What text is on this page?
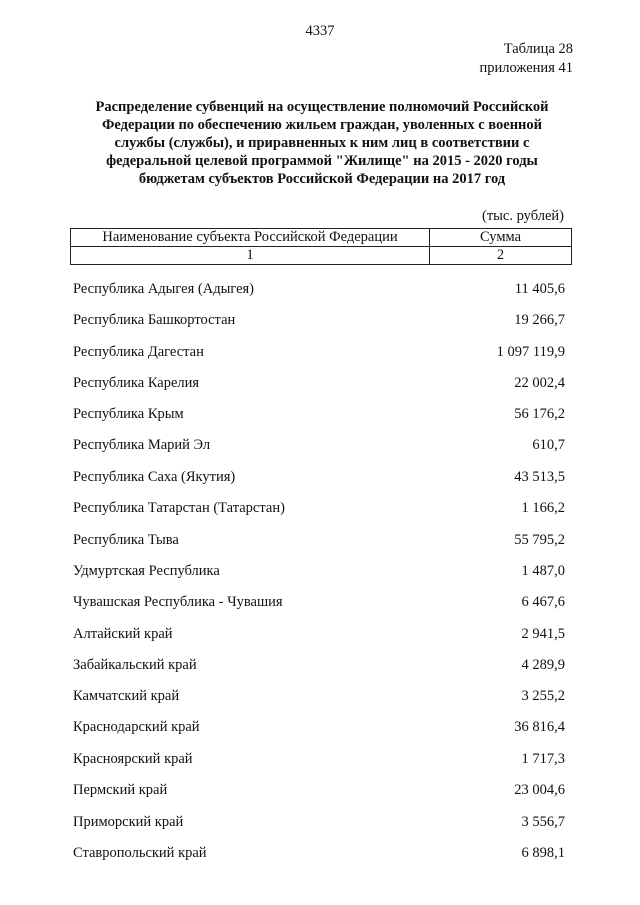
4337
Таблица 28
приложения 41
Распределение субвенций на осуществление полномочий Российской
Федерации по обеспечению жильем граждан, уволенных с военной
службы (службы), и приравненных к ним лиц в соответствии с
федеральной целевой программой "Жилище" на 2015 - 2020 годы
бюджетам субъектов Российской Федерации на 2017 год
(тыс. рублей)
Наименование субъекта Российской Федерации	Сумма
1	2
Республика Адыгея (Адыгея)	11 405,6
Республика Башкортостан	19 266,7
Республика Дагестан	1 097 119,9
Республика Карелия	22 002,4
Республика Крым	56 176,2
Республика Марий Эл	610,7
Республика Саха (Якутия)	43 513,5
Республика Татарстан (Татарстан)	1 166,2
Республика Тыва	55 795,2
Удмуртская Республика	1 487,0
Чувашская Республика - Чувашия	6 467,6
Алтайский край	2 941,5
Забайкальский край	4 289,9
Камчатский край	3 255,2
Краснодарский край	36 816,4
Красноярский край	1 717,3
Пермский край	23 004,6
Приморский край	3 556,7
Ставропольский край	6 898,1
